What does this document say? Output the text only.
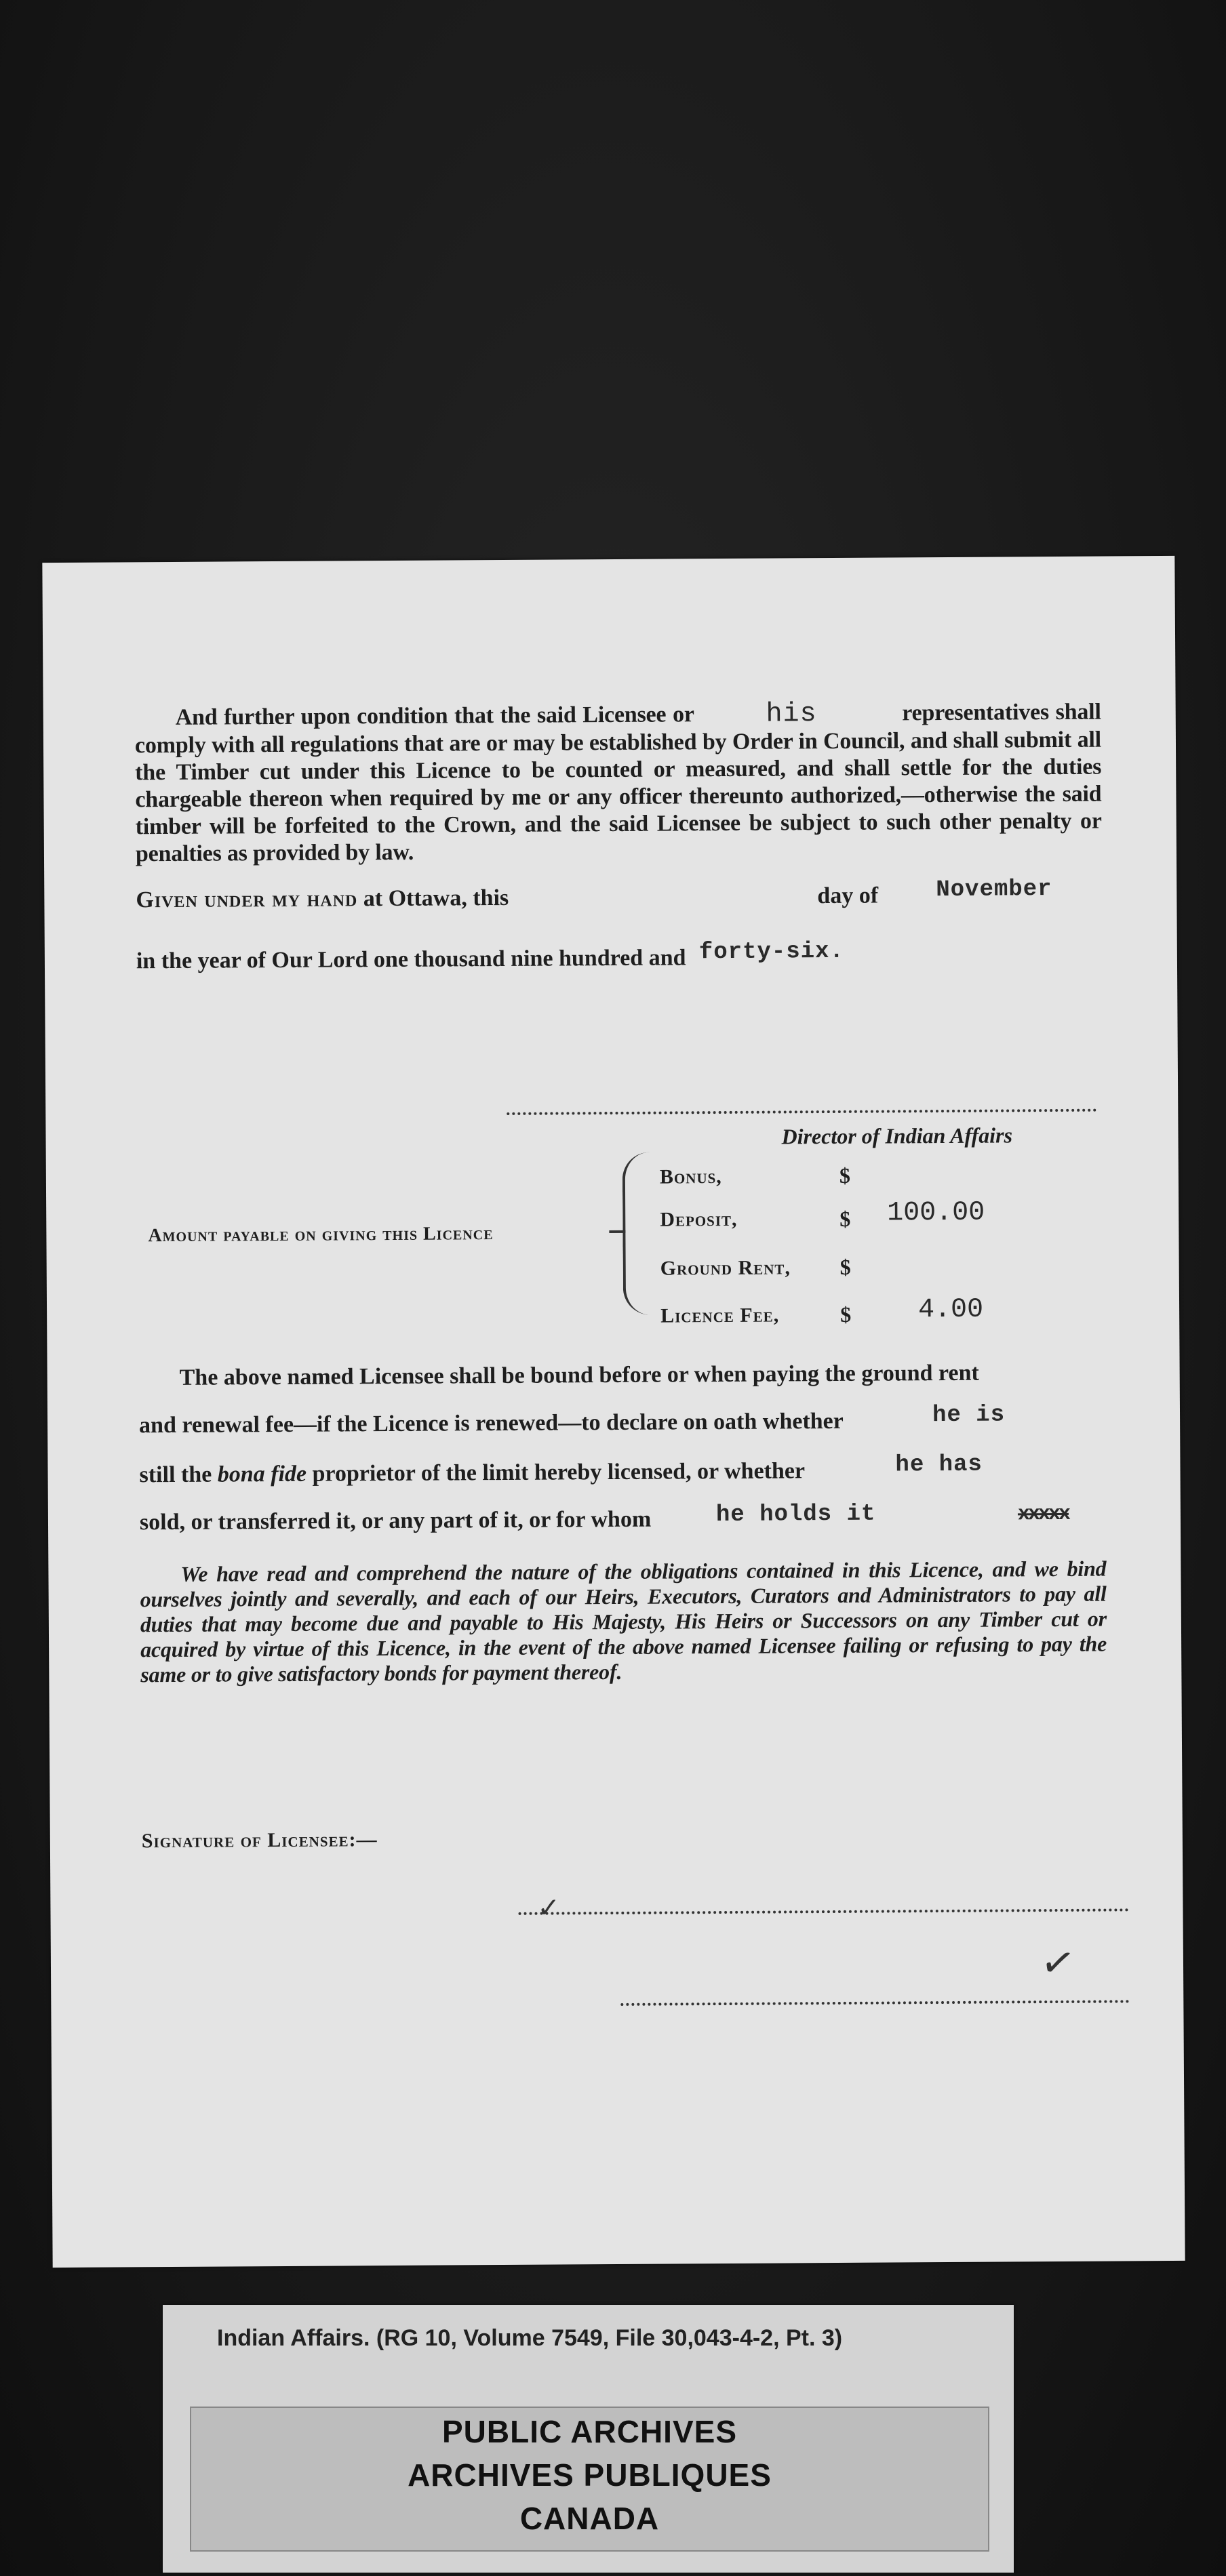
And further upon condition that the said Licensee or	his	representatives shall comply with all regulations that are or may be established by Order in Council, and shall submit all the Timber cut under this Licence to be counted or measured, and shall settle for the duties chargeable thereon when required by me or any officer thereunto authorized,—otherwise the said timber will be forfeited to the Crown, and the said Licensee be subject to such other penalty or penalties as provided by law.
Given under my hand at Ottawa, this	day of November
in the year of Our Lord one thousand nine hundred and forty-six.
Director of Indian Affairs
Amount payable on giving this Licence
Bonus,	$
Deposit,	$ 100.00
Ground Rent, $
Licence Fee,	$ 4.00
The above named Licensee shall be bound before or when paying the ground rent
and renewal fee—if the Licence is renewed—to declare on oath whether	he is
still the bona fide proprietor of the limit hereby licensed, or whether	he has
sold, or transferred it, or any part of it, or for whom	he holds it	xxxxx
We have read and comprehend the nature of the obligations contained in this Licence, and we bind ourselves jointly and severally, and each of our Heirs, Executors, Curators and Administrators to pay all duties that may become due and payable to His Majesty, His Heirs or Successors on any Timber cut or acquired by virtue of this Licence, in the event of the above named Licensee failing or refusing to pay the same or to give satisfactory bonds for payment thereof.
Signature of Licensee:—
✓
✓
Indian Affairs. (RG 10, Volume 7549, File 30,043-4-2, Pt. 3)
PUBLIC ARCHIVES
ARCHIVES PUBLIQUES
CANADA
